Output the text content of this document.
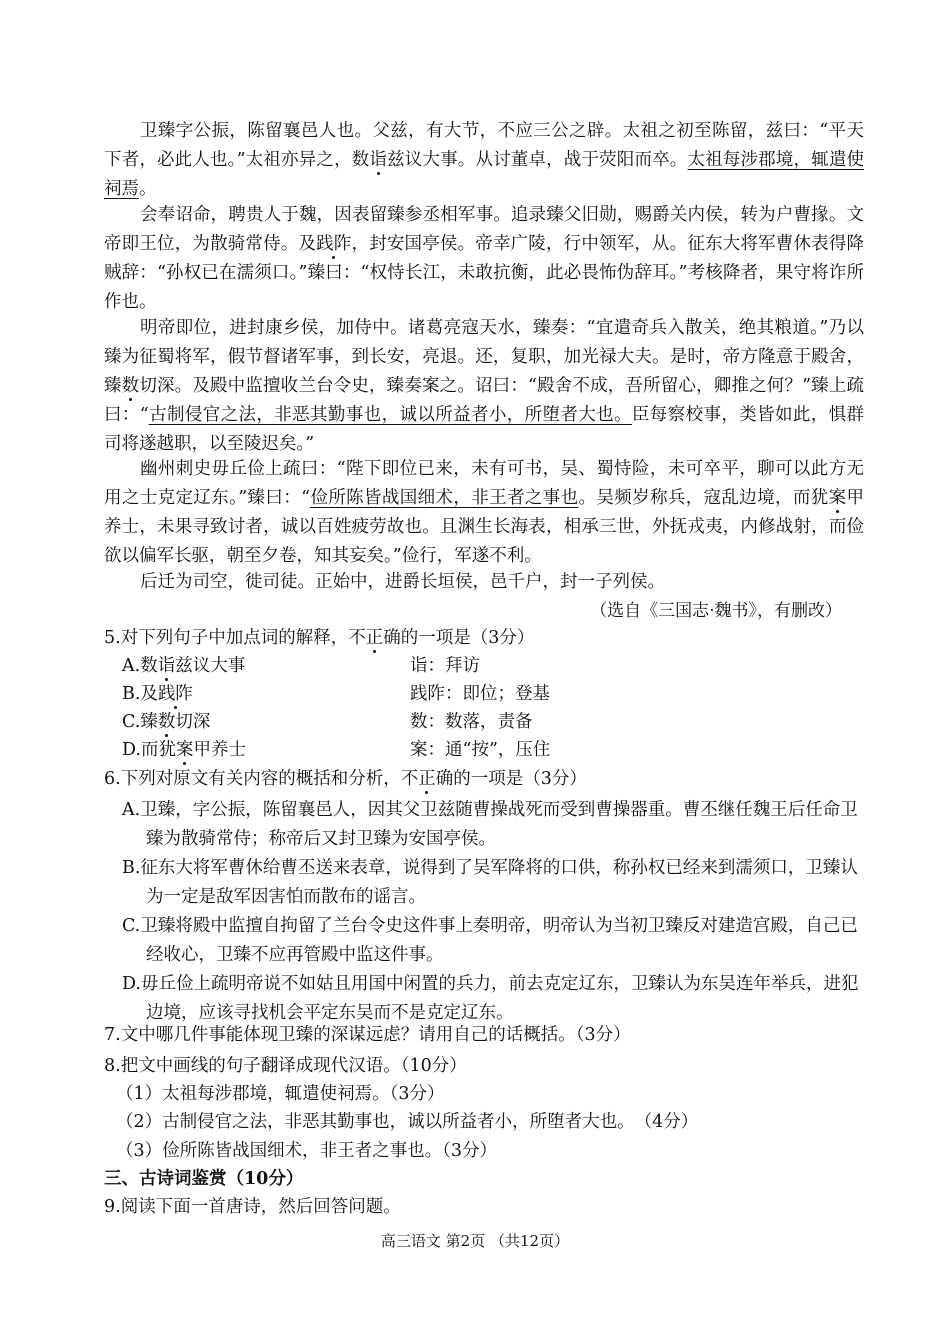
卫臻字公振，陈留襄邑人也。父兹，有大节，不应三公之辟。太祖之初至陈留，兹曰：“平天下者，必此人也。”太祖亦异之，数诣兹议大事。从讨董卓，战于荧阳而卒。太祖每涉郡境，辄遣使祠焉。

会奉诏命，聘贵人于魏，因表留臻参丞相军事。追录臻父旧勋，赐爵关内侯，转为户曹掾。文帝即王位，为散骑常侍。及践阼，封安国亭侯。帝幸广陵，行中领军，从。征东大将军曹休表得降贼辞：“孙权已在濡须口。”臻曰：“权恃长江，未敢抗衡，此必畏怖伪辞耳。”考核降者，果守将诈所作也。

明帝即位，进封康乡侯，加侍中。诸葛亮寇天水，臻奏：“宜遣奇兵入散关，绝其粮道。”乃以臻为征蜀将军，假节督诸军事，到长安，亮退。还，复职，加光禄大夫。是时，帝方隆意于殿舍，臻数切深。及殿中监擅收兰台令史，臻奏案之。诏曰：“殿舍不成，吾所留心，卿推之何？”臻上疏曰：“古制侵官之法，非恶其勤事也，诚以所益者小，所堕者大也。臣每察校事，类皆如此，惧群司将遂越职，以至陵迟矣。”

幽州刺史毋丘俭上疏曰：“陛下即位已来，未有可书，吴、蜀恃险，未可卒平，聊可以此方无用之士克定辽东。”臻曰：“俭所陈皆战国细术，非王者之事也。吴频岁称兵，寇乱边境，而犹案甲养士，未果寻致讨者，诚以百姓疲劳故也。且渊生长海表，相承三世，外抚戎夷，内修战射，而俭欲以偏军长驱，朝至夕卷，知其妄矣。”俭行，军遂不利。

后迁为司空，徙司徒。正始中，进爵长垣侯，邑千户，封一子列侯。

（选自《三国志·魏书》，有删改）
5.对下列句子中加点词的解释，不正确的一项是（3分）
A.数诣兹议大事	诣：拜访
B.及践阼	践阼：即位；登基
C.臻数切深	数：数落，责备
D.而犹案甲养士	案：通“按”，压住
6.下列对原文有关内容的概括和分析，不正确的一项是（3分）
A.卫臻，字公振，陈留襄邑人，因其父卫兹随曹操战死而受到曹操器重。曹丕继任魏王后任命卫臻为散骑常侍；称帝后又封卫臻为安国亭侯。
B.征东大将军曹休给曹丕送来表章，说得到了吴军降将的口供，称孙权已经来到濡须口，卫臻认为一定是敌军因害怕而散布的谣言。
C.卫臻将殿中监擅自拘留了兰台令史这件事上奏明帝，明帝认为当初卫臻反对建造宫殿，自己已经收心，卫臻不应再管殿中监这件事。
D.毋丘俭上疏明帝说不如姑且用国中闲置的兵力，前去克定辽东，卫臻认为东吴连年举兵，进犯边境，应该寻找机会平定东吴而不是克定辽东。
7.文中哪几件事能体现卫臻的深谋远虑？请用自己的话概括。（3分）
8.把文中画线的句子翻译成现代汉语。（10分）
（1）太祖每涉郡境，辄遣使祠焉。（3分）
（2）古制侵官之法，非恶其勤事也，诚以所益者小，所堕者大也。　（4分）
（3）俭所陈皆战国细术，非王者之事也。（3分）
三、古诗词鉴赏（10分）
9.阅读下面一首唐诗，然后回答问题。
高三语文 第2页 （共12页）
